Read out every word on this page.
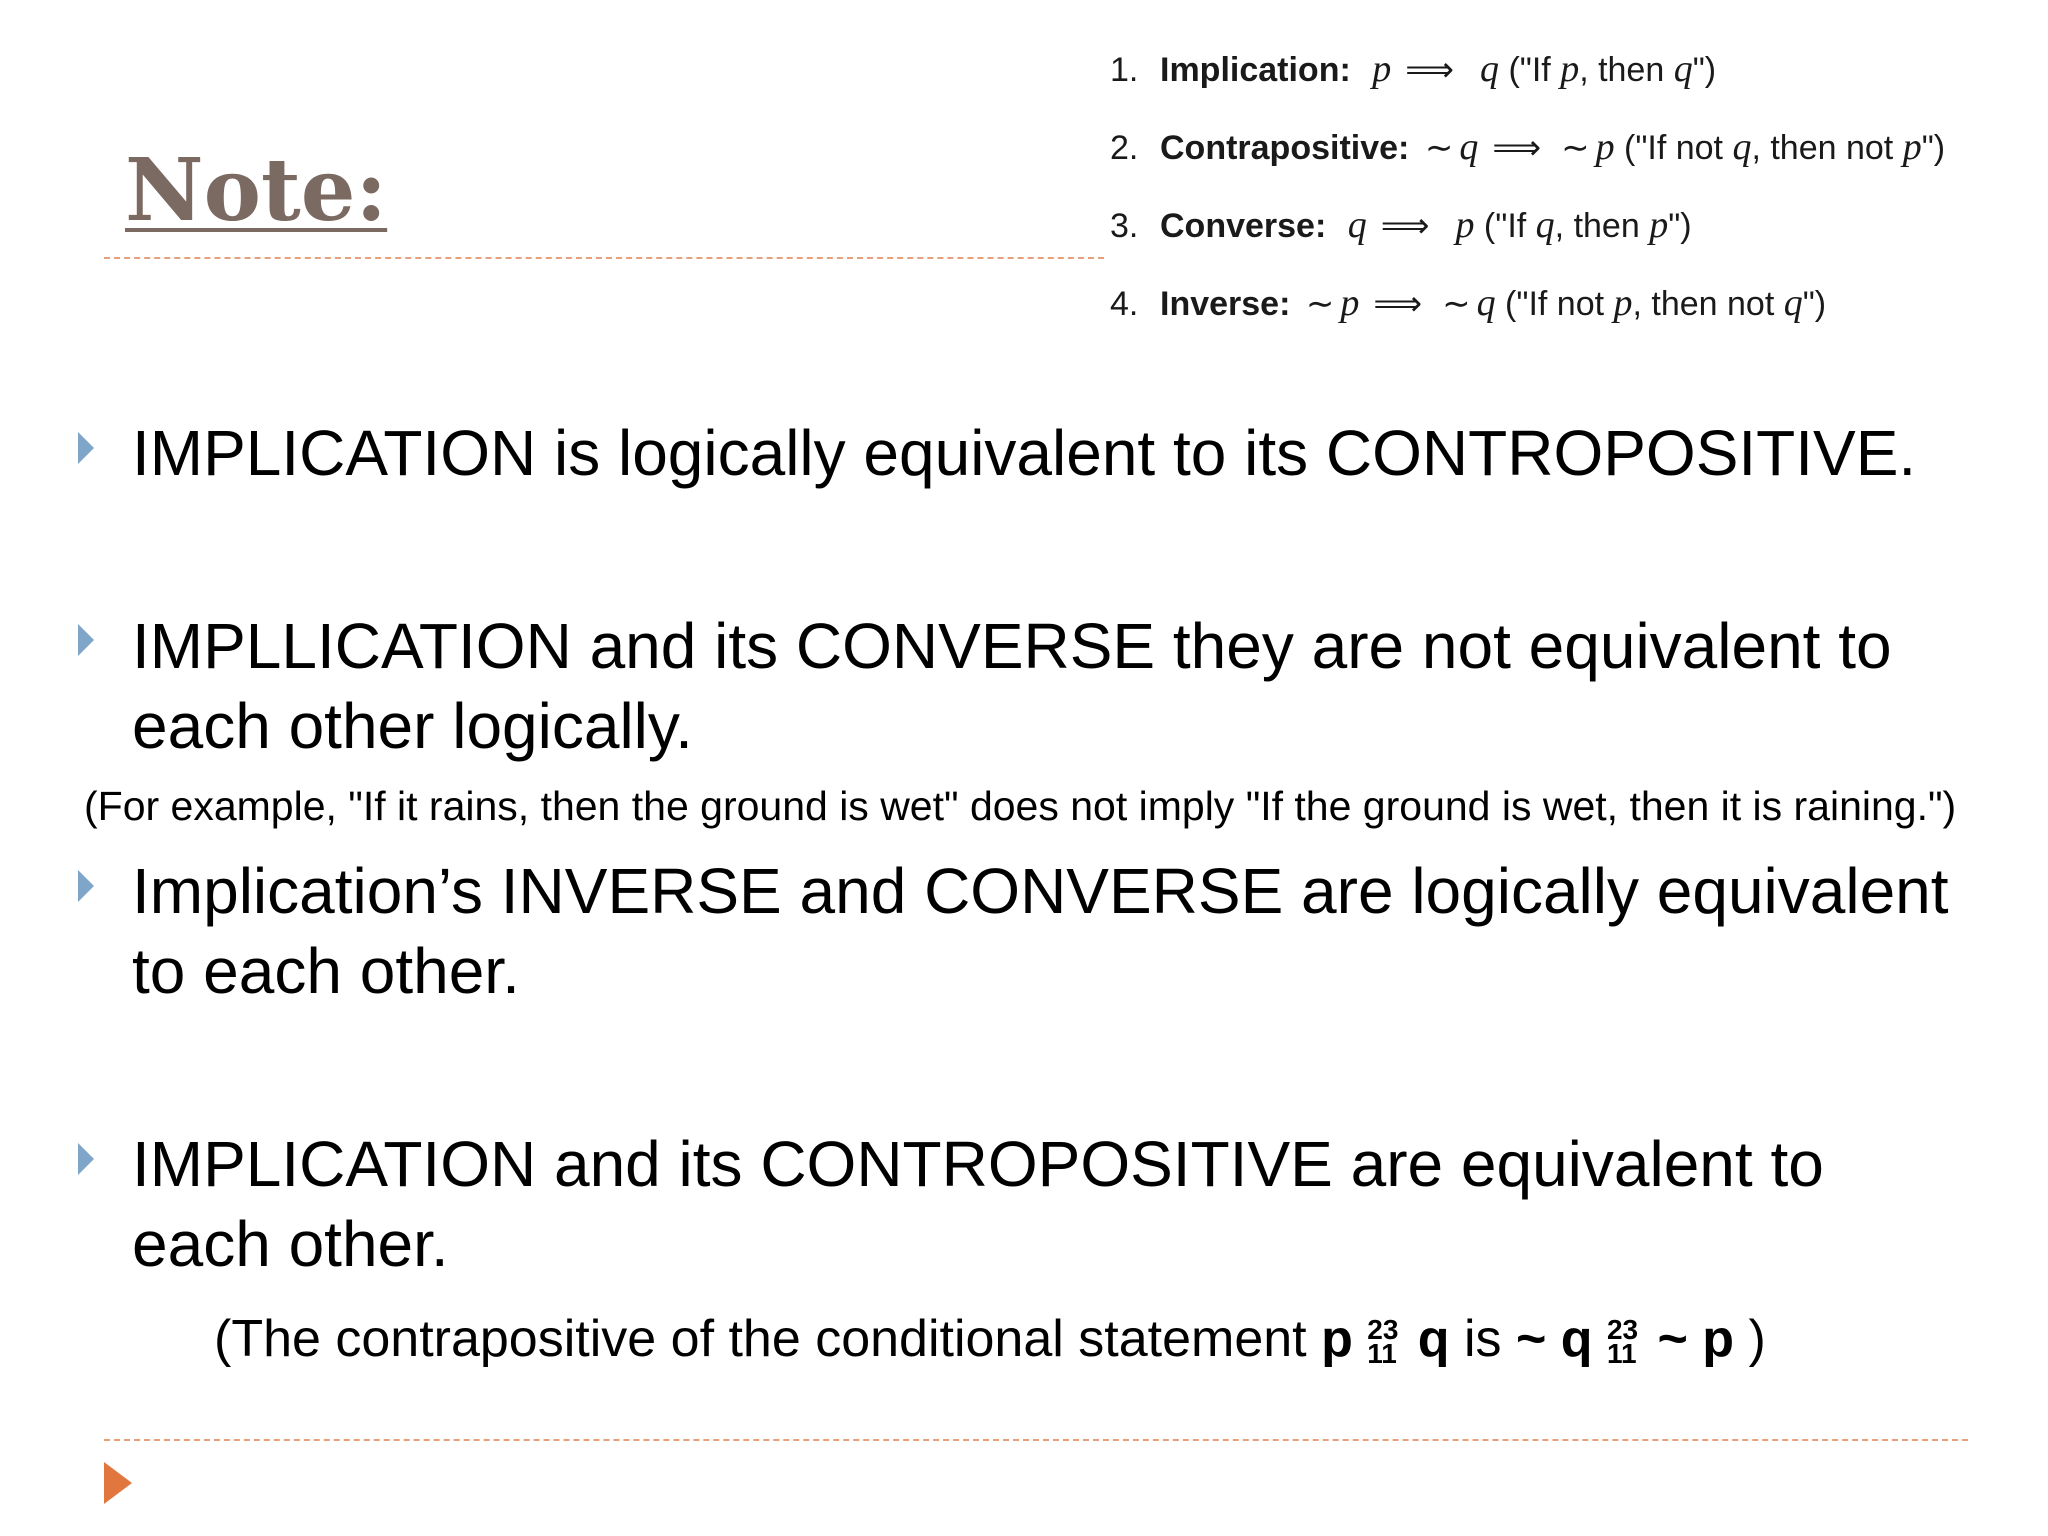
Note:
1. Implication: p ⟹ q ("If p, then q")
2. Contrapositive: ∼ q ⟹ ∼ p ("If not q, then not p")
3. Converse: q ⟹ p ("If q, then p")
4. Inverse: ∼ p ⟹ ∼ q ("If not p, then not q")
IMPLICATION is logically equivalent to its CONTROPOSITIVE.
IMPLLICATION and its CONVERSE they are not equivalent to each other logically.
(For example, "If it rains, then the ground is wet" does not imply "If the ground is wet, then it is raining.")
Implication’s INVERSE and CONVERSE are logically equivalent to each other.
IMPLICATION and its CONTROPOSITIVE are equivalent to each other.
(The contrapositive of the conditional statement p 23
11 q is ~ q 23
11 ~ p )
